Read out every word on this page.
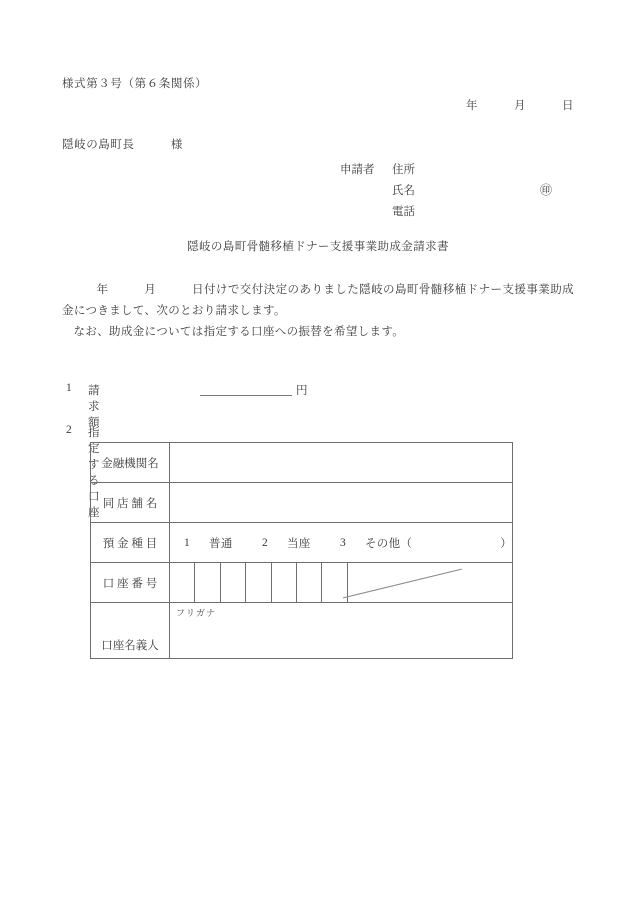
様式第３号（第６条関係）
年　　　月　　　日
隠岐の島町長　　　様

申請者

住所

氏名

	㊞

電話

隠岐の島町骨髄移植ドナー支援事業助成金請求書
年　　　月　　　日付けで交付決定のありました隠岐の島町骨髄移植ドナー支援事業助成金につきまして、次のとおり請求します。
なお、助成金については指定する口座への振替を希望します。
1 請　求　額
円
2 指定する口座
金融機関名	
同 店 舗 名	
預 金 種 目	1 普通	2 当座	3 その他 （	）

口 座 番 号	

口座名義人	フリガナ
